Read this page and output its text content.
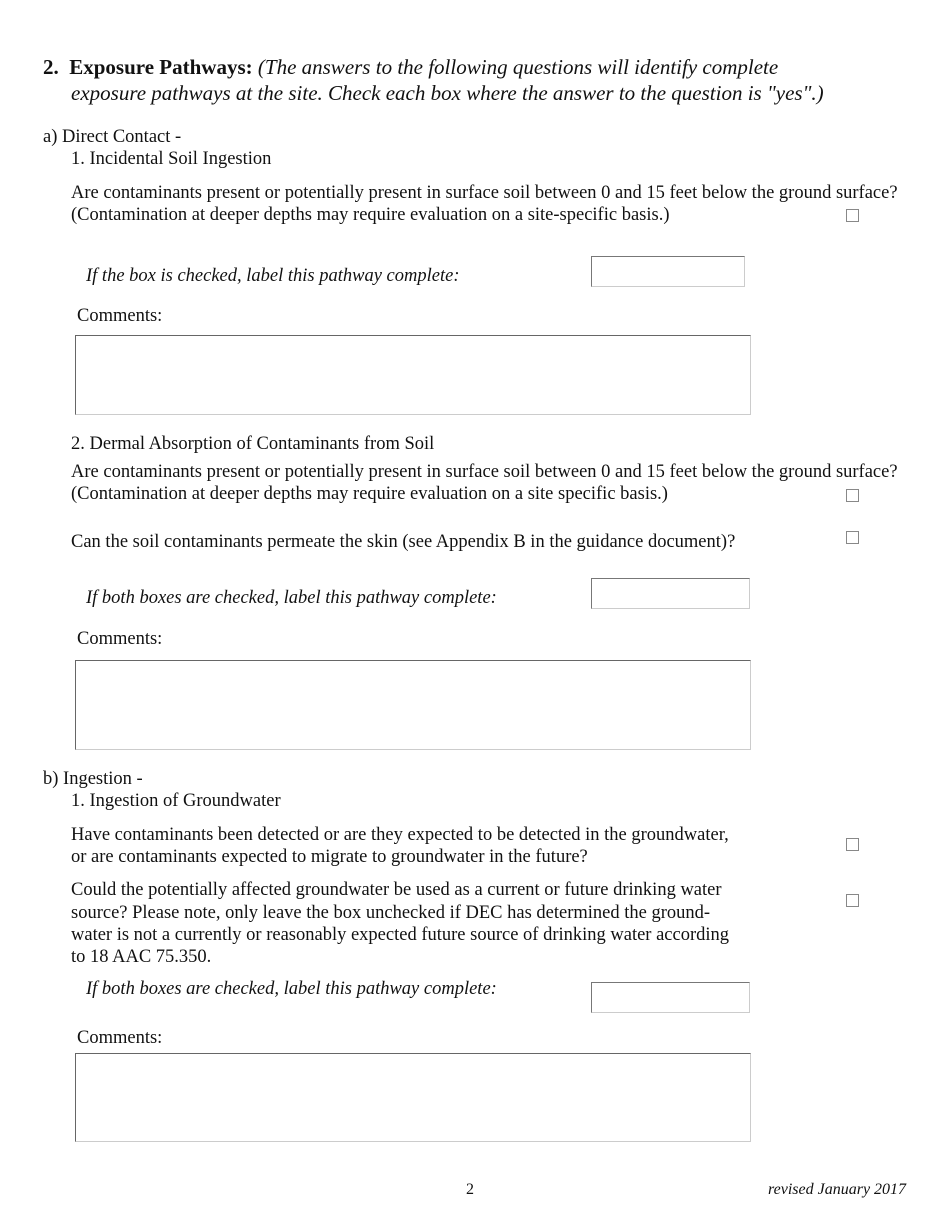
2. Exposure Pathways: (The answers to the following questions will identify complete
exposure pathways at the site. Check each box where the answer to the question is "yes".)
a) Direct Contact -
1. Incidental Soil Ingestion
Are contaminants present or potentially present in surface soil between 0 and 15 feet below the ground surface?
(Contamination at deeper depths may require evaluation on a site-specific basis.)
If the box is checked, label this pathway complete:
Comments:
2. Dermal Absorption of Contaminants from Soil
Are contaminants present or potentially present in surface soil between 0 and 15 feet below the ground surface?
(Contamination at deeper depths may require evaluation on a site specific basis.)
Can the soil contaminants permeate the skin (see Appendix B in the guidance document)?
If both boxes are checked, label this pathway complete:
Comments:
b) Ingestion -
1. Ingestion of Groundwater
Have contaminants been detected or are they expected to be detected in the groundwater,
or are contaminants expected to migrate to groundwater in the future?
Could the potentially affected groundwater be used as a current or future drinking water
source? Please note, only leave the box unchecked if DEC has determined the ground-
water is not a currently or reasonably expected future source of drinking water according
to 18 AAC 75.350.
If both boxes are checked, label this pathway complete:
Comments:
2	revised January 2017
